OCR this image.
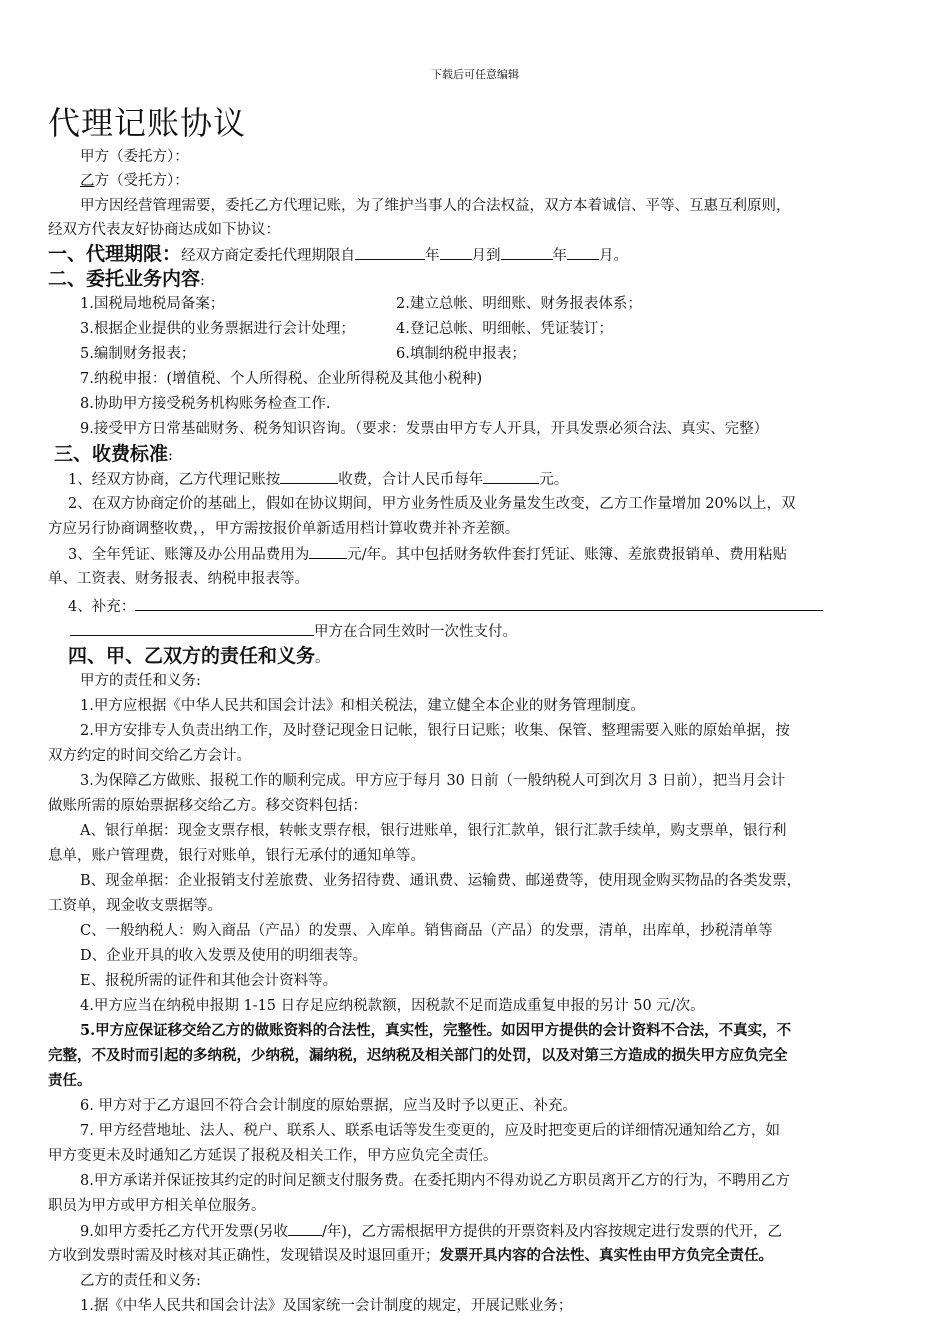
下载后可任意编辑
代理记账协议
甲方（委托方）：
乙方（受托方）：
甲方因经营管理需要，委托乙方代理记账，为了维护当事人的合法权益，双方本着诚信、平等、互惠互利原则，
经双方代表友好协商达成如下协议：
一、代理期限：经双方商定委托代理期限自	年 月到	年 月。
二、委托业务内容:
1.国税局地税局备案；	2.建立总帐、明细账、财务报表体系；
3.根据企业提供的业务票据进行会计处理；	4.登记总帐、明细帐、凭证装订；
5.编制财务报表；	6.填制纳税申报表；
7.纳税申报：(增值税、个人所得税、企业所得税及其他小税种)
8.协助甲方接受税务机构账务检查工作.
9.接受甲方日常基础财务、税务知识咨询。（要求：发票由甲方专人开具，开具发票必须合法、真实、完整）
三、收费标准:
1、经双方协商，乙方代理记账按	收费，合计人民币每年	元。
2、在双方协商定价的基础上，假如在协议期间，甲方业务性质及业务量发生改变，乙方工作量增加 20%以上，双
方应另行协商调整收费，，甲方需按报价单新适用档计算收费并补齐差额。
3、全年凭证、账簿及办公用品费用为	元/年。其中包括财务软件套打凭证、账簿、差旅费报销单、费用粘贴
单、工资表、财务报表、纳税申报表等。
4、补充：
甲方在合同生效时一次性支付。
四、甲、乙双方的责任和义务。
甲方的责任和义务:
1.甲方应根据《中华人民共和国会计法》和相关税法，建立健全本企业的财务管理制度。
2.甲方安排专人负责出纳工作，及时登记现金日记帐，银行日记账；收集、保管、整理需要入账的原始单据，按
双方约定的时间交给乙方会计。
3.为保障乙方做账、报税工作的顺利完成。甲方应于每月 30 日前（一般纳税人可到次月 3 日前），把当月会计
做账所需的原始票据移交给乙方。移交资料包括：
A、银行单据：现金支票存根，转帐支票存根，银行进账单，银行汇款单，银行汇款手续单，购支票单，银行利
息单，账户管理费，银行对账单，银行无承付的通知单等。
B、现金单据：企业报销支付差旅费、业务招待费、通讯费、运输费、邮递费等，使用现金购买物品的各类发票，
工资单，现金收支票据等。
C、一般纳税人：购入商品（产品）的发票、入库单。销售商品（产品）的发票，清单，出库单，抄税清单等
D、企业开具的收入发票及使用的明细表等。
E、报税所需的证件和其他会计资料等。
4.甲方应当在纳税申报期 1-15 日存足应纳税款额，因税款不足而造成重复申报的另计 50 元/次。
5.甲方应保证移交给乙方的做账资料的合法性，真实性，完整性。如因甲方提供的会计资料不合法，不真实，不
完整，不及时而引起的多纳税，少纳税，漏纳税，迟纳税及相关部门的处罚，以及对第三方造成的损失甲方应负完全
责任。
6. 甲方对于乙方退回不符合会计制度的原始票据，应当及时予以更正、补充。
7. 甲方经营地址、法人、税户、联系人、联系电话等发生变更的，应及时把变更后的详细情况通知给乙方，如
甲方变更未及时通知乙方延误了报税及相关工作，甲方应负完全责任。
8.甲方承诺并保证按其约定的时间足额支付服务费。在委托期内不得劝说乙方职员离开乙方的行为，不聘用乙方
职员为甲方或甲方相关单位服务。
9.如甲方委托乙方代开发票(另收 /年)，乙方需根据甲方提供的开票资料及内容按规定进行发票的代开，乙
方收到发票时需及时核对其正确性，发现错误及时退回重开；发票开具内容的合法性、真实性由甲方负完全责任。
乙方的责任和义务:
1.据《中华人民共和国会计法》及国家统一会计制度的规定，开展记账业务；
